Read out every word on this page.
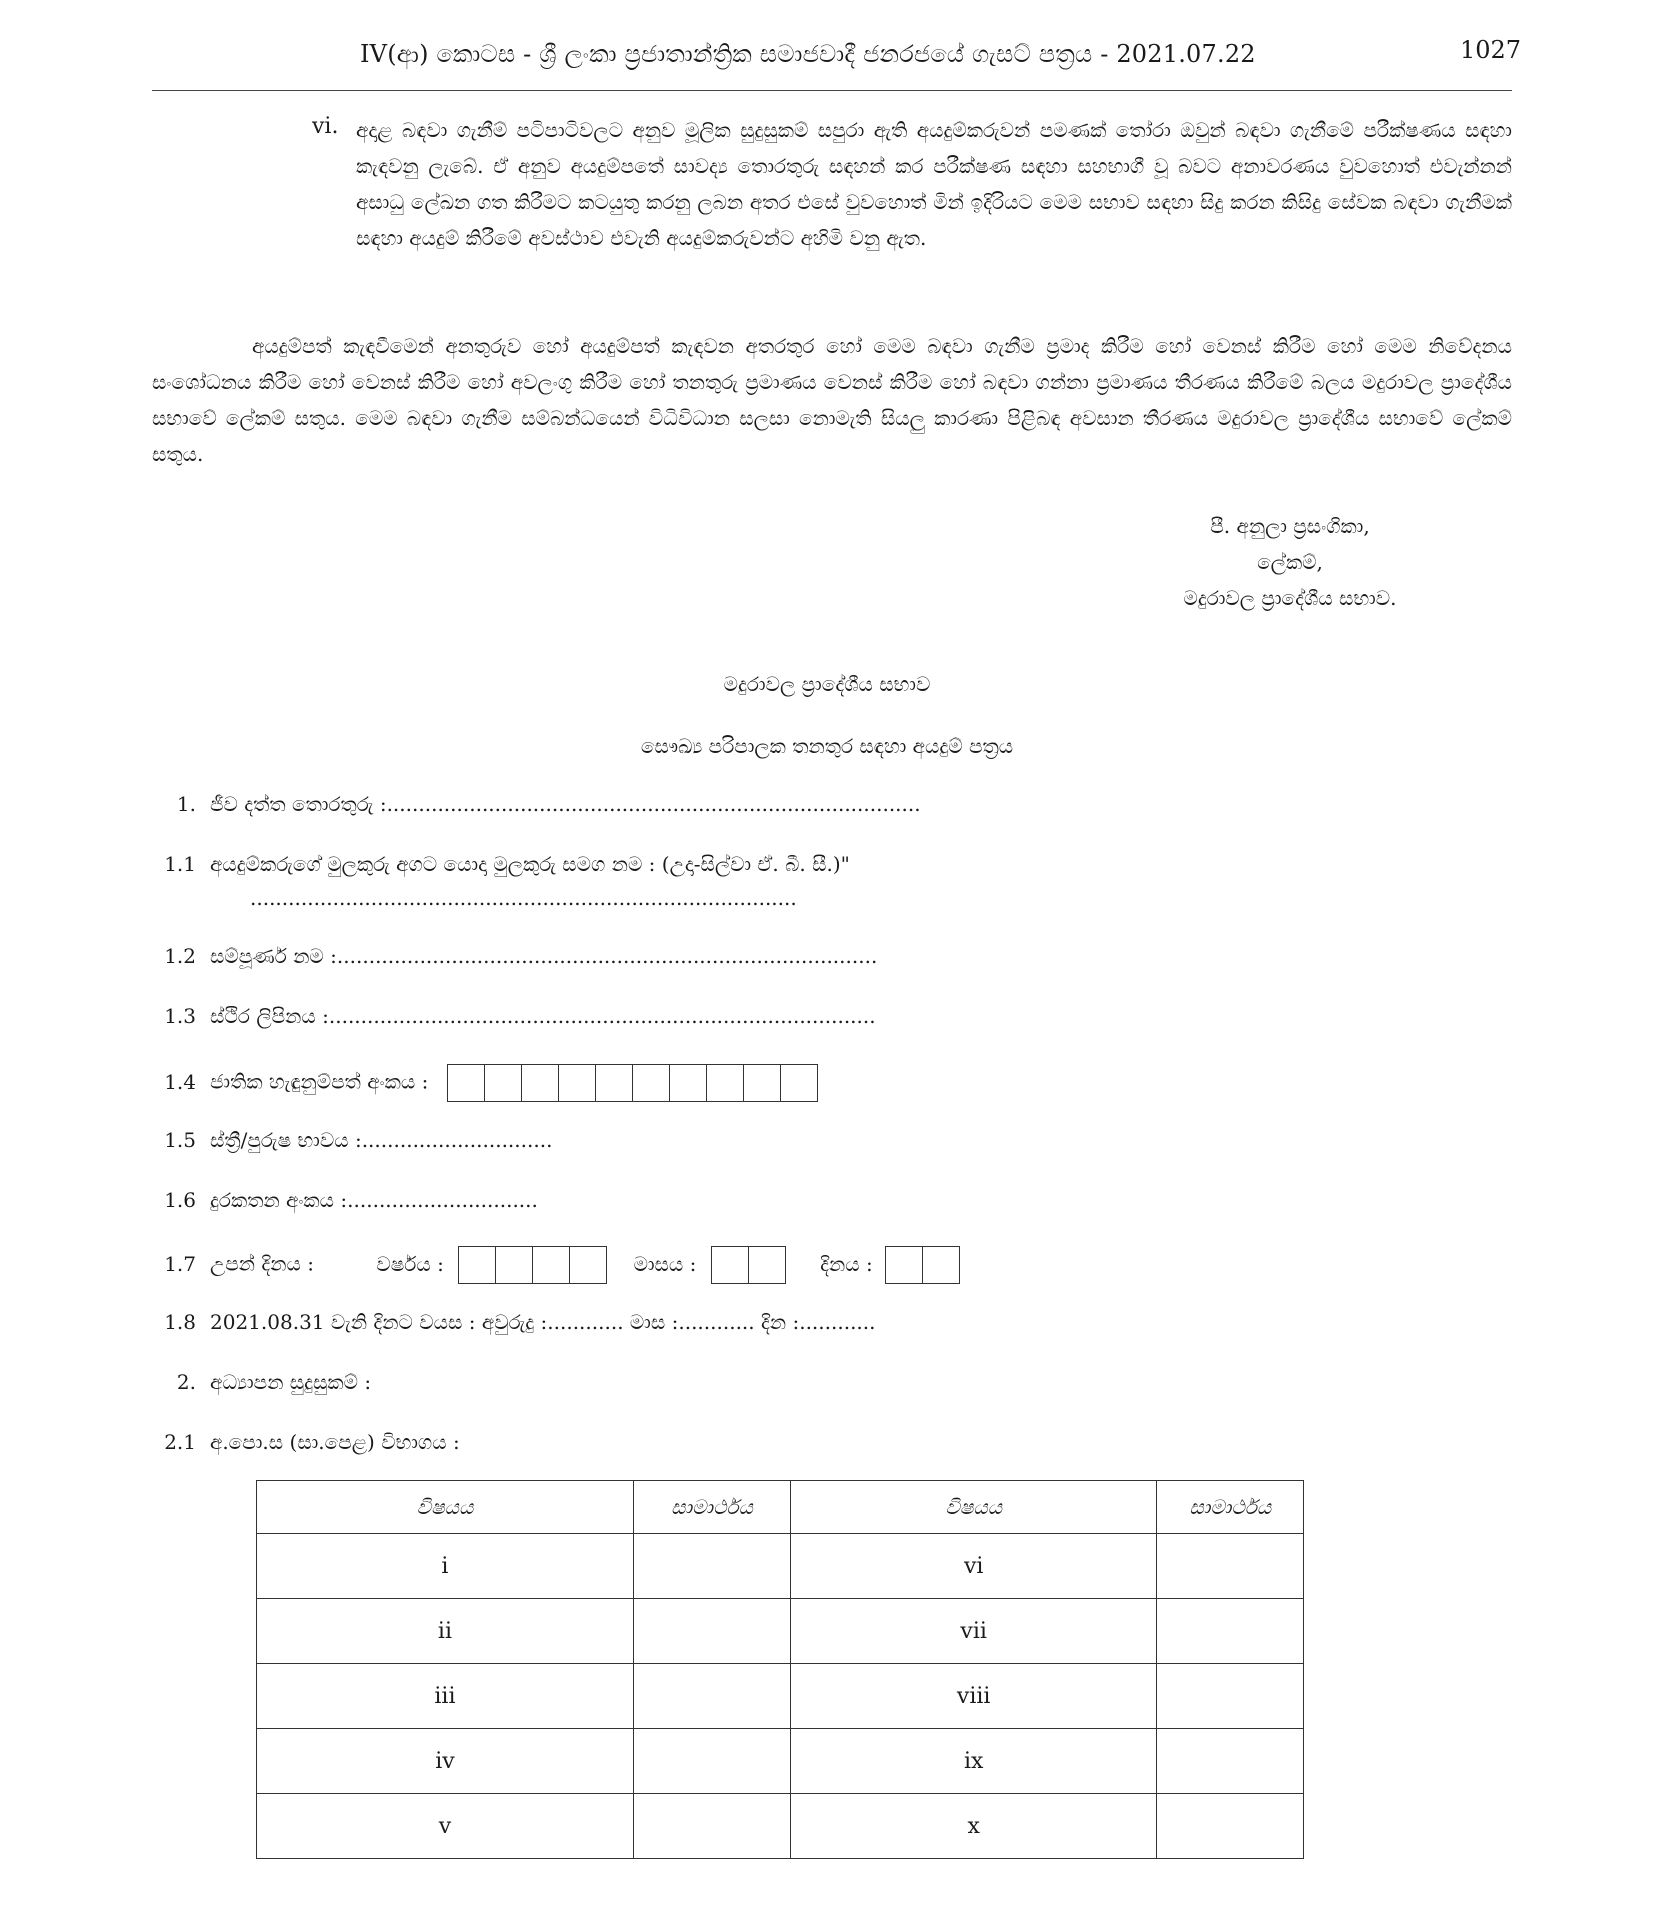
IV(ආ) කොටස - ශ්‍රී ලංකා ප්‍රජාතාන්ත්‍රික සමාජවාදී ජනරජයේ ගැසට් පත්‍රය - 2021.07.22	1027
vi. අදාළ බඳවා ගැනීම් පටිපාටිවලට අනුව මූලික සුදුසුකම් සපුරා ඇති අයදුම්කරුවන් පමණක් තෝරා ඔවුන් බඳවා ගැනීමේ පරීක්ෂණය සඳහා කැඳවනු ලැබේ. ඒ අනුව අයදුම්පතේ සාවද්‍ය තොරතුරු සඳහන් කර පරීක්ෂණ සඳහා සහභාගී වූ බවට අනාවරණය වුවහොත් එවැන්නන් අසාධු ලේඛන ගත කිරීමට කටයුතු කරනු ලබන අතර එසේ වුවහොත් මින් ඉදිරියට මෙම සභාව සඳහා සිදු කරන කිසිදු සේවක බඳවා ගැනීමක් සඳහා අයදුම් කිරීමේ අවස්ථාව එවැනි අයදුම්කරුවන්ට අහිමි වනු ඇත.
අයදුම්පත් කැඳවීමෙන් අනතුරුව හෝ අයදුම්පත් කැඳවන අතරතුර හෝ මෙම බඳවා ගැනීම ප්‍රමාද කිරීම හෝ වෙනස් කිරීම හෝ මෙම නිවේදනය සංශෝධනය කිරීම හෝ වෙනස් කිරීම හෝ අවලංගු කිරීම හෝ තනතුරු ප්‍රමාණය වෙනස් කිරීම හෝ බඳවා ගන්නා ප්‍රමාණය තීරණය කිරීමේ බලය මදුරාවල ප්‍රාදේශීය සභාවේ ලේකම් සතුය. මෙම බඳවා ගැනීම සම්බන්ධයෙන් විධිවිධාන සලසා නොමැති සියලු කාරණා පිළිබඳ අවසාන තීරණය මදුරාවල ප්‍රාදේශීය සභාවේ ලේකම් සතුය.
පී. අනුලා ප්‍රසංගිකා,
ලේකම්,
මදුරාවල ප්‍රාදේශීය සභාව.
මදුරාවල ප්‍රාදේශීය සභාව
සෞඛ්‍ය පරිපාලක තනතුර සඳහා අයදුම් පත්‍රය
1. ජීව දත්ත තොරතුරු :....................................................................................
1.1 අයදුම්කරුගේ මුලකුරු අගට යොදා මුලකුරු සමග නම : (උදා-සිල්වා ඒ. බී. සී.)"
......................................................................................
1.2 සම්පූර්ණ නම :.....................................................................................
1.3 ස්ථිර ලිපිනය :......................................................................................
1.4 ජාතික හැඳුනුම්පත් අංකය :
1.5 ස්ත්‍රී/පුරුෂ භාවය :..............................
1.6 දුරකතන අංකය :..............................
1.7 උපන් දිනය :	වර්ෂය :	මාසය :	දිනය :
1.8 2021.08.31 වැනි දිනට වයස : අවුරුදු :............ මාස :............ දින :............
2. අධ්‍යාපන සුදුසුකම් :
2.1 අ.පො.ස (සා.පෙළ) විභාගය :
විෂයය	සාමාර්ථය	විෂයය	සාමාර්ථය
i		vi	
ii		vii	
iii		viii	
iv		ix	
v		x	
